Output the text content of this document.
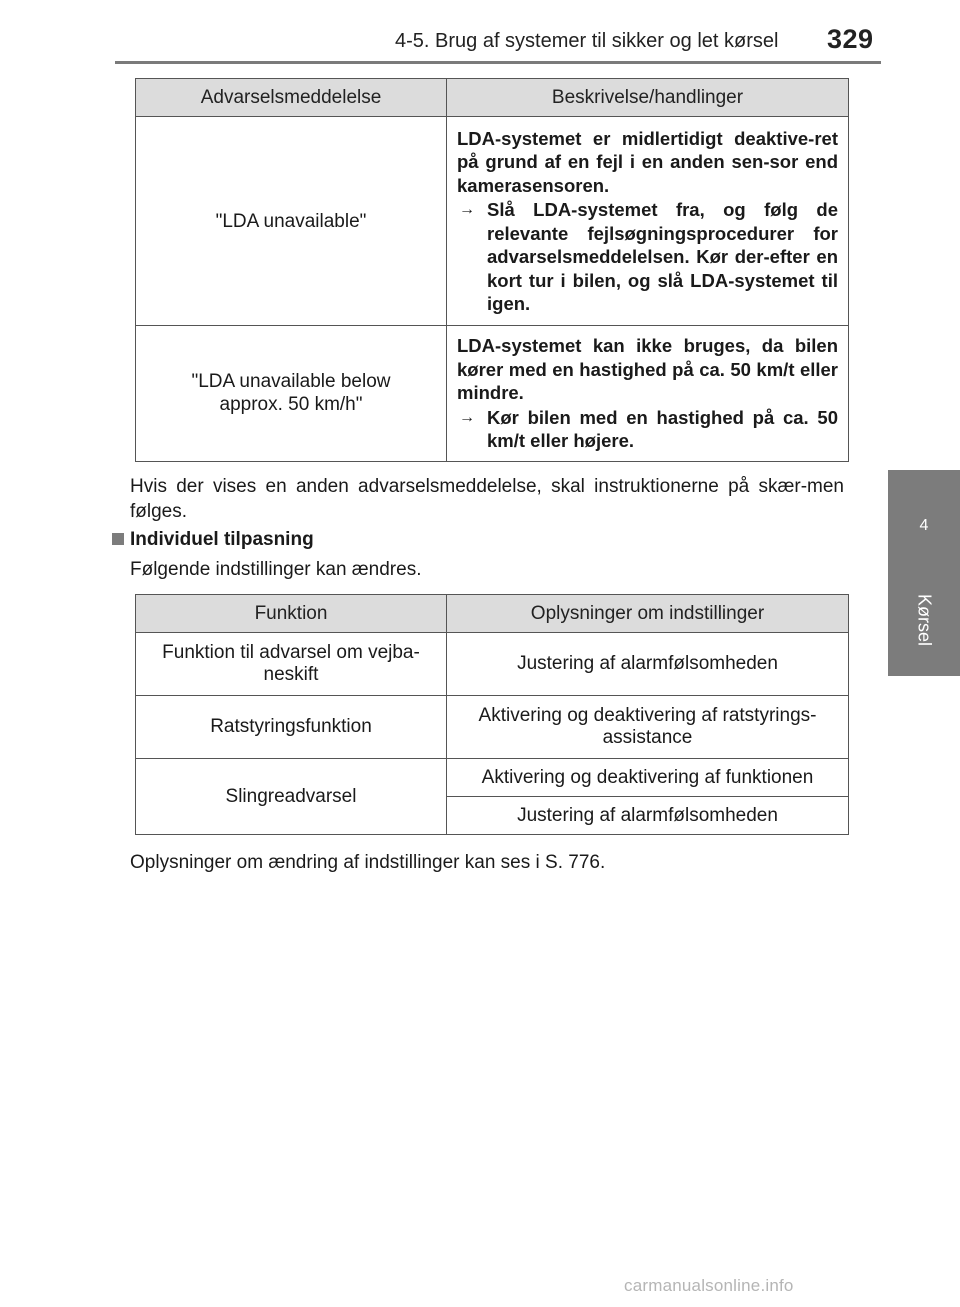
4-5. Brug af systemer til sikker og let kørsel 329
4
Kørsel
Advarselsmeddelelse	Beskrivelse/handlinger
"LDA unavailable"	LDA-systemet er midlertidigt deaktive-ret på grund af en fejl i en anden sen-sor end kamerasensoren.
→ Slå LDA-systemet fra, og følg de relevante fejlsøgningsprocedurer for advarselsmeddelelsen. Kør der-efter en kort tur i bilen, og slå LDA-systemet til igen.

"LDA unavailable below approx. 50 km/h"	LDA-systemet kan ikke bruges, da bilen kører med en hastighed på ca. 50 km/t eller mindre.
→ Kør bilen med en hastighed på ca. 50 km/t eller højere.
Hvis der vises en anden advarselsmeddelelse, skal instruktionerne på skær-men følges.
Individuel tilpasning
Følgende indstillinger kan ændres.
Funktion	Oplysninger om indstillinger
Funktion til advarsel om vejba-neskift	Justering af alarmfølsomheden
Ratstyringsfunktion	Aktivering og deaktivering af ratstyrings-assistance
Slingreadvarsel	Aktivering og deaktivering af funktionen
	Justering af alarmfølsomheden
Oplysninger om ændring af indstillinger kan ses i S. 776.
carmanualsonline.info
